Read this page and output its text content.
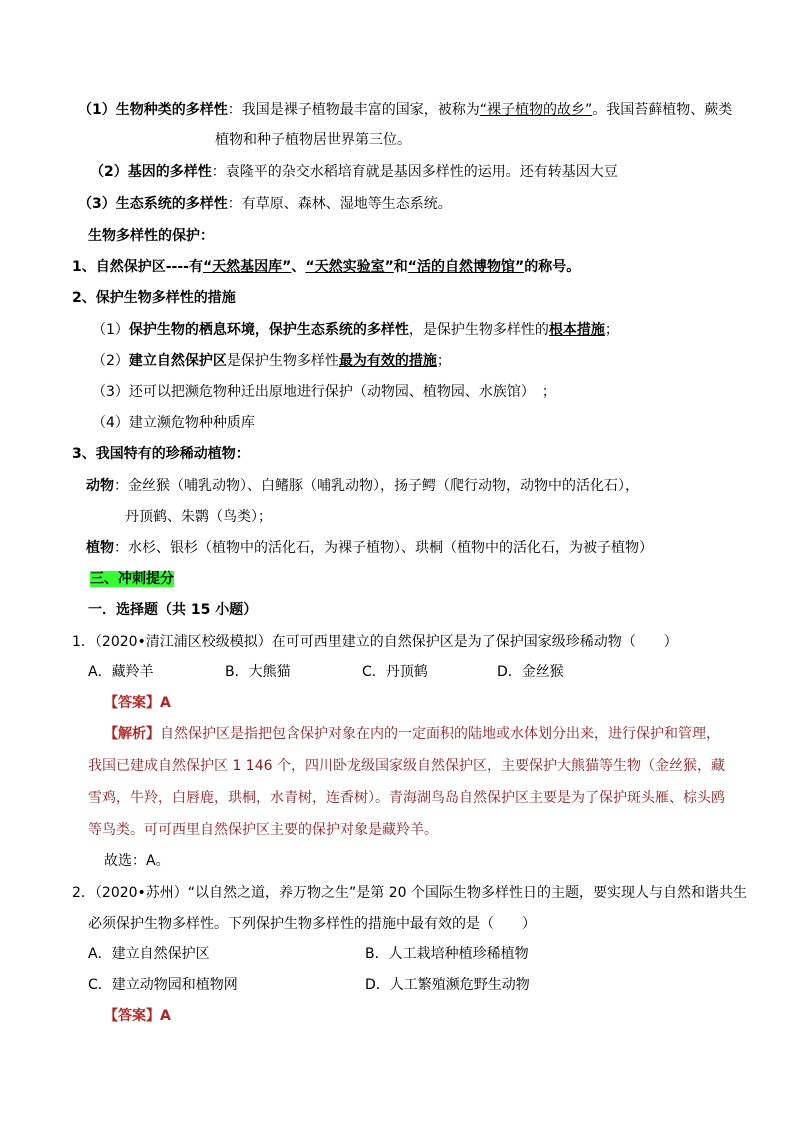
（1）生物种类的多样性：我国是裸子植物最丰富的国家，被称为“裸子植物的故乡”。我国苔藓植物、蕨类
植物和种子植物居世界第三位。
（2）基因的多样性：袁隆平的杂交水稻培育就是基因多样性的运用。还有转基因大豆
（3）生态系统的多样性：有草原、森林、湿地等生态系统。
生物多样性的保护：
1、自然保护区----有“天然基因库”、“天然实验室”和“活的自然博物馆”的称号。
2、保护生物多样性的措施
（1）保护生物的栖息环境，保护生态系统的多样性，是保护生物多样性的根本措施；
（2）建立自然保护区是保护生物多样性最为有效的措施；
（3）还可以把濒危物种迁出原地进行保护（动物园、植物园、水族馆）　；
（4）建立濒危物种种质库
3、我国特有的珍稀动植物：
动物：金丝猴（哺乳动物）、白鳍豚（哺乳动物），扬子鳄（爬行动物，动物中的活化石），
丹顶鹤、朱鹮（鸟类）；
植物：水杉、银杉（植物中的活化石，为裸子植物）、珙桐（植物中的活化石，为被子植物）
三、冲刺提分
一．选择题（共 15 小题）
1．（2020•清江浦区校级模拟）在可可西里建立的自然保护区是为了保护国家级珍稀动物（　　）
A．藏羚羊	B．大熊猫	C．丹顶鹤	D．金丝猴
【答案】A
【解析】自然保护区是指把包含保护对象在内的一定面积的陆地或水体划分出来，进行保护和管理，
我国已建成自然保护区 1 146 个，四川卧龙级国家级自然保护区，主要保护大熊猫等生物（金丝猴，藏
雪鸡，牛羚，白唇鹿，珙桐，水青树，连香树）。青海湖鸟岛自然保护区主要是为了保护斑头雁、棕头鸥
等鸟类。可可西里自然保护区主要的保护对象是藏羚羊。
故选：A。
2．（2020•苏州）“以自然之道，养万物之生”是第 20 个国际生物多样性日的主题，要实现人与自然和谐共生
必须保护生物多样性。下列保护生物多样性的措施中最有效的是（　　）
A．建立自然保护区	B．人工栽培种植珍稀植物
C．建立动物园和植物网	D．人工繁殖濒危野生动物
【答案】A
